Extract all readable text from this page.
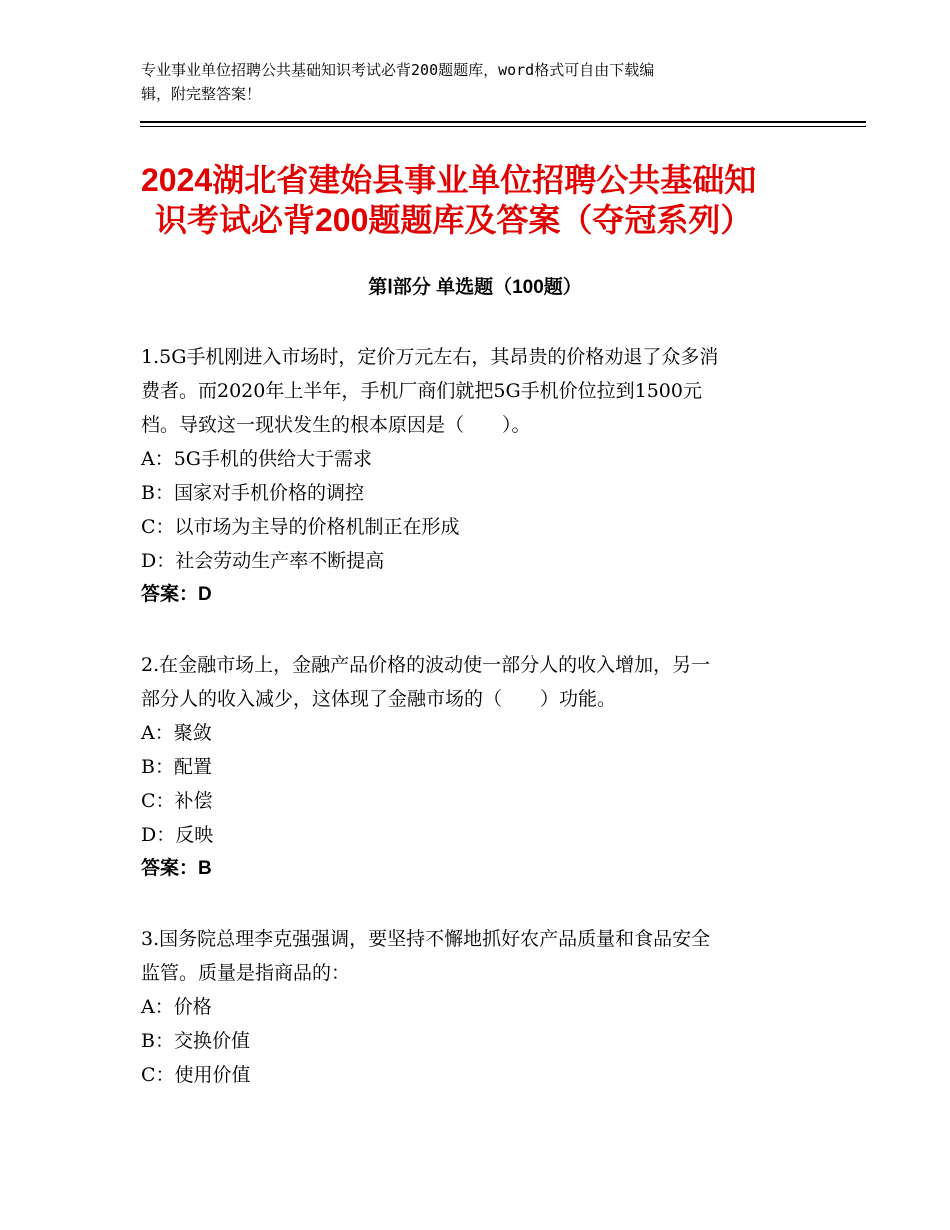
专业事业单位招聘公共基础知识考试必背200题题库，word格式可自由下载编
辑，附完整答案！
2024湖北省建始县事业单位招聘公共基础知
识考试必背200题题库及答案（夺冠系列）
第Ⅰ部分 单选题（100题）
1.5G手机刚进入市场时，定价万元左右，其昂贵的价格劝退了众多消
费者。而2020年上半年，手机厂商们就把5G手机价位拉到1500元
档。导致这一现状发生的根本原因是（　　）。
A：5G手机的供给大于需求
B：国家对手机价格的调控
C：以市场为主导的价格机制正在形成
D：社会劳动生产率不断提高
答案：D
2.在金融市场上，金融产品价格的波动使一部分人的收入增加，另一
部分人的收入减少，这体现了金融市场的（　　）功能。
A：聚敛
B：配置
C：补偿
D：反映
答案：B
3.国务院总理李克强强调，要坚持不懈地抓好农产品质量和食品安全
监管。质量是指商品的：
A：价格
B：交换价值
C：使用价值
